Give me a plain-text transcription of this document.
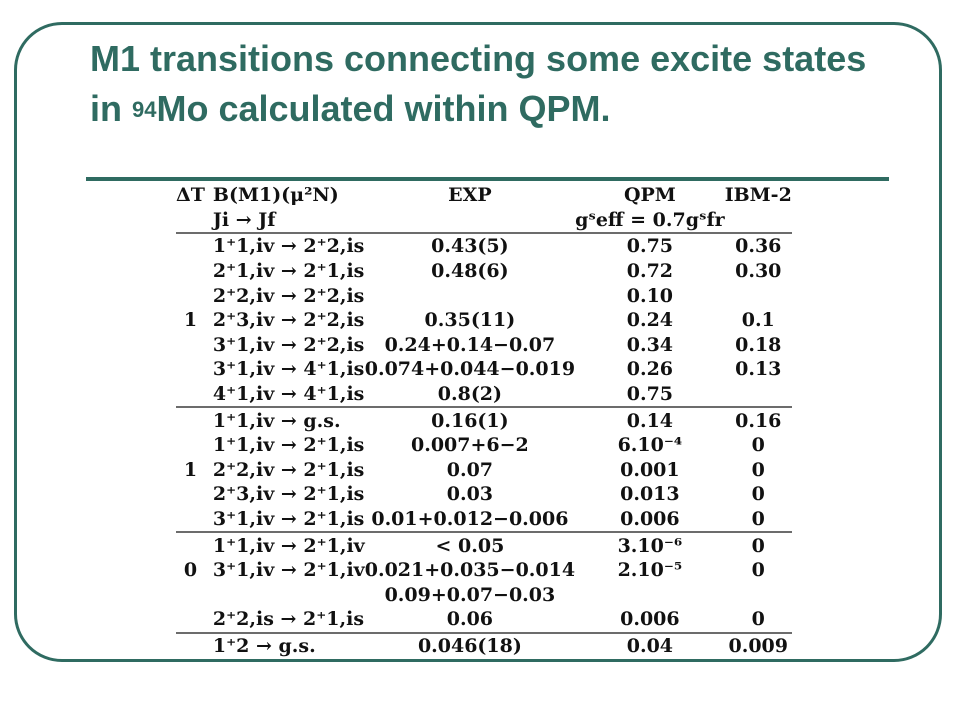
M1 transitions connecting some excite states in $^{94}$Mo calculated within QPM.
ΔT	B(M1)(μ²N)	EXP	QPM	IBM-2
	Ji → Jf		gˢeff = 0.7gˢfr	
	1⁺1,iv → 2⁺2,is	0.43(5)	0.75	0.36
	2⁺1,iv → 2⁺1,is	0.48(6)	0.72	0.30
	2⁺2,iv → 2⁺2,is		0.10	
1	2⁺3,iv → 2⁺2,is	0.35(11)	0.24	0.1
	3⁺1,iv → 2⁺2,is	0.24+0.14−0.07	0.34	0.18
	3⁺1,iv → 4⁺1,is	0.074+0.044−0.019	0.26	0.13
	4⁺1,iv → 4⁺1,is	0.8(2)	0.75	
	1⁺1,iv → g.s.	0.16(1)	0.14	0.16
	1⁺1,iv → 2⁺1,is	0.007+6−2	6.10⁻⁴	0
1	2⁺2,iv → 2⁺1,is	0.07	0.001	0
	2⁺3,iv → 2⁺1,is	0.03	0.013	0
	3⁺1,iv → 2⁺1,is	0.01+0.012−0.006	0.006	0
	1⁺1,iv → 2⁺1,iv	< 0.05	3.10⁻⁶	0
0	3⁺1,iv → 2⁺1,iv	0.021+0.035−0.014	2.10⁻⁵	0
		0.09+0.07−0.03		
	2⁺2,is → 2⁺1,is	0.06	0.006	0
	1⁺2 → g.s.	0.046(18)	0.04	0.009
